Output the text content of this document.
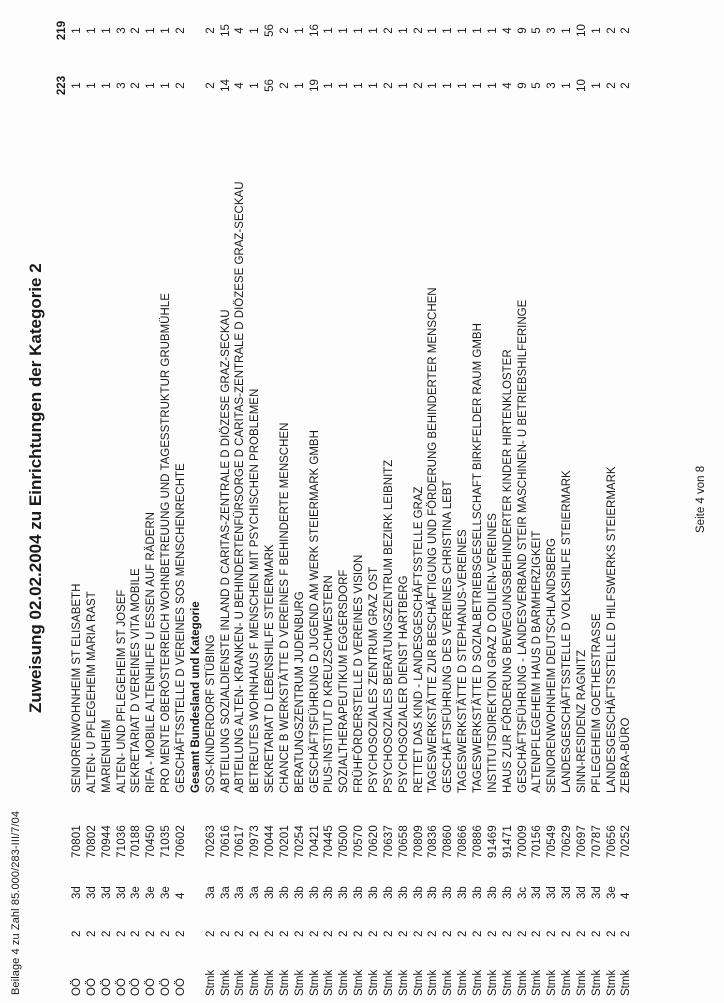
Beilage 4 zu Zahl 85.000/283-III/7/04
Zuweisung 02.02.2004 zu Einrichtungen der Kategorie 2
223
219
OÖ
2
3d
70801
SENIORENWOHNHEIM ST ELISABETH
1
1
OÖ
2
3d
70802
ALTEN- U PFLEGEHEIM MARIA RAST
1
1
OÖ
2
3d
70944
MARIENHEIM
1
1
OÖ
2
3d
71036
ALTEN- UND PFLEGEHEIM ST JOSEF
3
3
OÖ
2
3e
70188
SEKRETARIAT D VEREINES VITA MOBILE
2
2
OÖ
2
3e
70450
RIFA - MOBILE ALTENHILFE U ESSEN AUF RÄDERN
1
1
OÖ
2
3e
71035
PRO MENTE OBERÖSTERREICH WOHNBETREUUNG UND TAGESSTRUKTUR GRUBMÜHLE
1
1
OÖ
2
4
70602
GESCHÄFTSSTELLE D VEREINES SOS MENSCHENRECHTE
2
2
Gesamt Bundesland und Kategorie
Stmk
2
3a
70263
SOS-KINDERDORF STÜBING
2
2
Stmk
2
3a
70616
ABTEILUNG SOZIALDIENSTE INLAND D CARITAS-ZENTRALE D DIÖZESE GRAZ-SECKAU
14
15
Stmk
2
3a
70617
ABTEILUNG ALTEN- KRANKEN- U BEHINDERTENFÜRSORGE D CARITAS-ZENTRALE D DIÖZESE GRAZ-SECKAU
4
4
Stmk
2
3a
70973
BETREUTES WOHNHAUS F MENSCHEN MIT PSYCHISCHEN PROBLEMEN
1
1
Stmk
2
3b
70044
SEKRETARIAT D LEBENSHILFE STEIERMARK
56
56
Stmk
2
3b
70201
CHANCE B WERKSTÄTTE D VEREINES F BEHINDERTE MENSCHEN
2
2
Stmk
2
3b
70254
BERATUNGSZENTRUM JUDENBURG
1
1
Stmk
2
3b
70421
GESCHÄFTSFÜHRUNG D JUGEND AM WERK STEIERMARK GMBH
19
16
Stmk
2
3b
70445
PIUS-INSTITUT D KREUZSCHWESTERN
1
1
Stmk
2
3b
70500
SOZIALTHERAPEUTIKUM EGGERSDORF
1
1
Stmk
2
3b
70570
FRÜHFÖRDERSTELLE D VEREINES VISION
1
1
Stmk
2
3b
70620
PSYCHOSOZIALES ZENTRUM GRAZ OST
1
1
Stmk
2
3b
70637
PSYCHOSOZIALES BERATUNGSZENTRUM BEZIRK LEIBNITZ
2
2
Stmk
2
3b
70658
PSYCHOSOZIALER DIENST HARTBERG
1
1
Stmk
2
3b
70809
RETTET DAS KIND - LANDESGESCHÄFTSSTELLE GRAZ
2
2
Stmk
2
3b
70836
TAGESWERKSTÄTTE ZUR BESCHÄFTIGUNG UND FÖRDERUNG BEHINDERTER MENSCHEN
1
1
Stmk
2
3b
70860
GESCHÄFTSFÜHRUNG DES VEREINES CHRISTINA LEBT
1
1
Stmk
2
3b
70866
TAGESWERKSTÄTTE D STEPHANUS-VEREINES
1
1
Stmk
2
3b
70886
TAGESWERKSTÄTTE D SOZIALBETRIEBSGESELLSCHAFT BIRKFELDER RAUM GMBH
1
1
Stmk
2
3b
91469
INSTITUTSDIREKTION GRAZ D ODILIEN-VEREINES
1
1
Stmk
2
3b
91471
HAUS ZUR FÖRDERUNG BEWEGUNGSBEHINDERTER KINDER HIRTENKLOSTER
4
4
Stmk
2
3c
70009
GESCHÄFTSFÜHRUNG - LANDESVERBAND STEIR MASCHINEN- U BETRIEBSHILFERINGE
9
9
Stmk
2
3d
70156
ALTENPFLEGEHEIM HAUS D BARMHERZIGKEIT
5
5
Stmk
2
3d
70549
SENIORENWOHNHEIM DEUTSCHLANDSBERG
3
3
Stmk
2
3d
70629
LANDESGESCHÄFTSSTELLE D VOLKSHILFE STEIERMARK
1
1
Stmk
2
3d
70697
SINN-RESIDENZ RAGNITZ
10
10
Stmk
2
3d
70787
PFLEGEHEIM GOETHESTRASSE
1
1
Stmk
2
3e
70656
LANDESGESCHÄFTSSTELLE D HILFSWERKS STEIERMARK
2
2
Stmk
2
4
70252
ZEBRA-BÜRO
2
2
Seite 4 von 8
